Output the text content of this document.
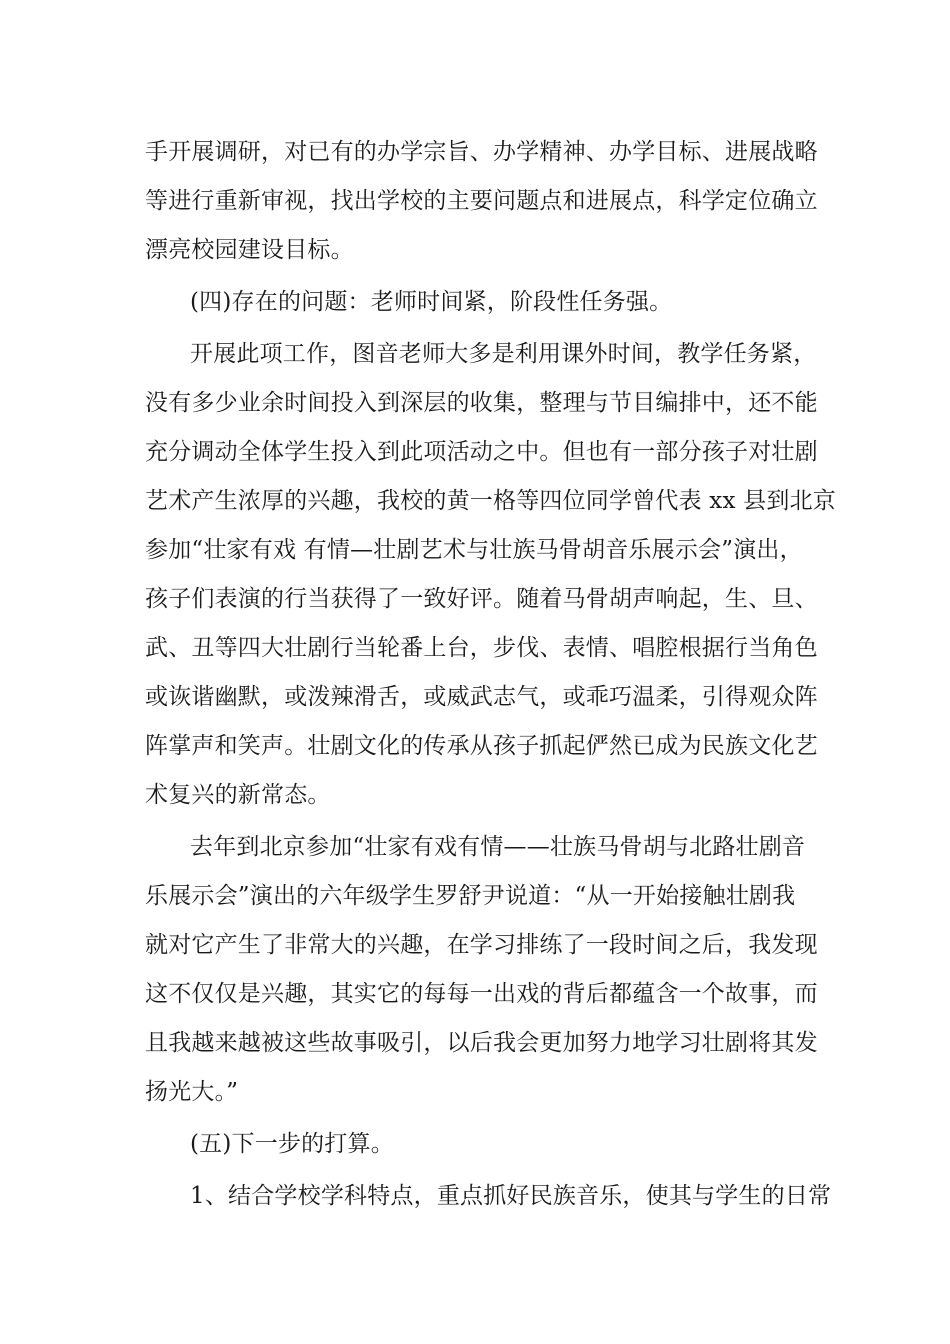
手开展调研，对已有的办学宗旨、办学精神、办学目标、进展战略
等进行重新审视，找出学校的主要问题点和进展点，科学定位确立
漂亮校园建设目标。
(四)存在的问题：老师时间紧，阶段性任务强。
开展此项工作，图音老师大多是利用课外时间，教学任务紧，
没有多少业余时间投入到深层的收集，整理与节目编排中，还不能
充分调动全体学生投入到此项活动之中。但也有一部分孩子对壮剧
艺术产生浓厚的兴趣，我校的黄一格等四位同学曾代表 xx 县到北京
参加“壮家有戏 有情—壮剧艺术与壮族马骨胡音乐展示会”演出，
孩子们表演的行当获得了一致好评。随着马骨胡声响起，生、旦、
武、丑等四大壮剧行当轮番上台，步伐、表情、唱腔根据行当角色
或诙谐幽默，或泼辣滑舌，或威武志气，或乖巧温柔，引得观众阵
阵掌声和笑声。壮剧文化的传承从孩子抓起俨然已成为民族文化艺
术复兴的新常态。
去年到北京参加“壮家有戏有情——壮族马骨胡与北路壮剧音
乐展示会”演出的六年级学生罗舒尹说道：“从一开始接触壮剧我
就对它产生了非常大的兴趣，在学习排练了一段时间之后，我发现
这不仅仅是兴趣，其实它的每每一出戏的背后都蕴含一个故事，而
且我越来越被这些故事吸引，以后我会更加努力地学习壮剧将其发
扬光大。”
(五)下一步的打算。
1、结合学校学科特点，重点抓好民族音乐，使其与学生的日常
